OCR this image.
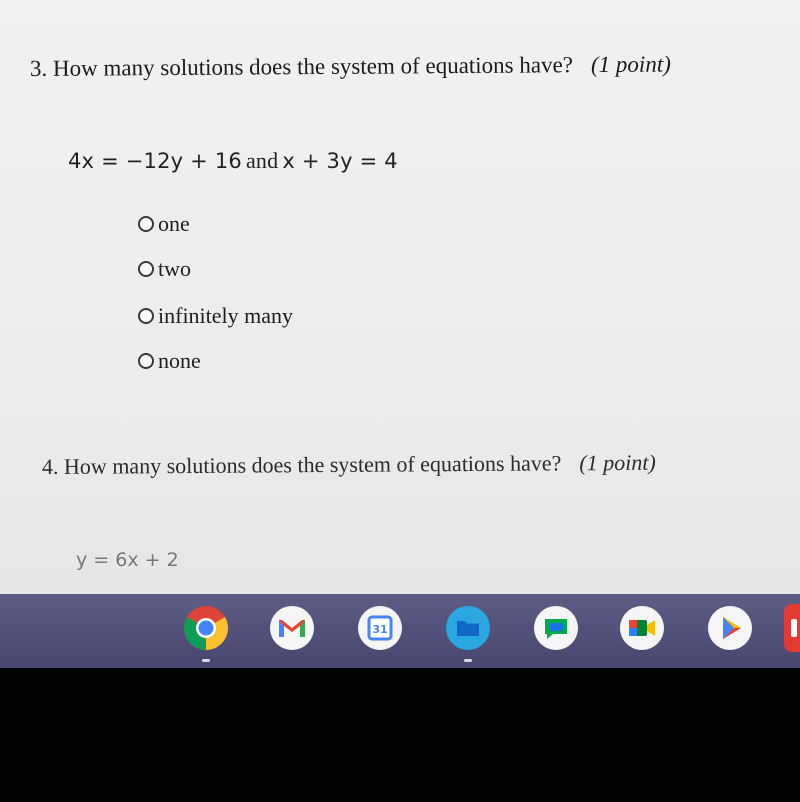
3. How many solutions does the system of equations have? (1 point)
4x = −12y + 16 and x + 3y = 4
one
two
infinitely many
none
4. How many solutions does the system of equations have? (1 point)
y = 6x + 2
31
